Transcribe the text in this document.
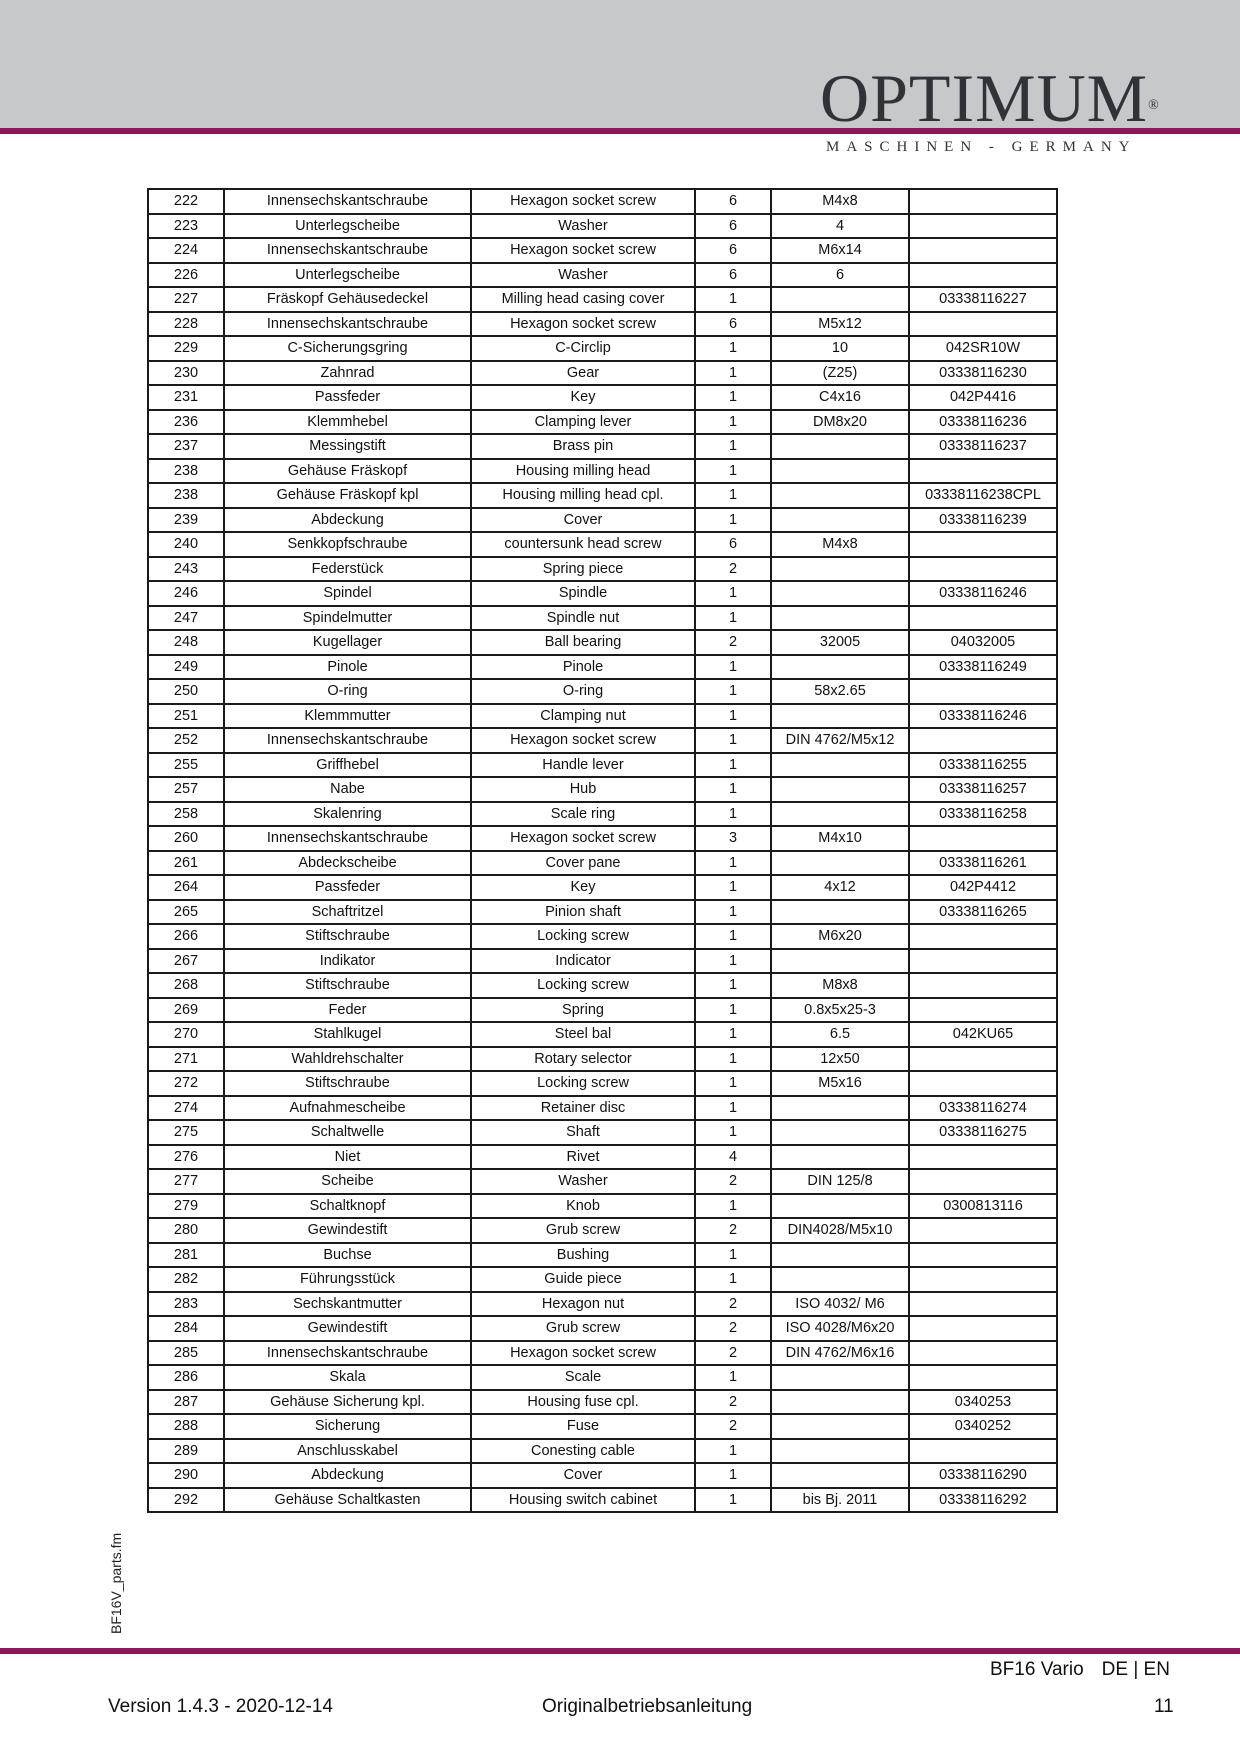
OPTIMUM®
MASCHINEN - GERMANY
222	Innensechskantschraube	Hexagon socket screw	6	M4x8	
223	Unterlegscheibe	Washer	6	4	
224	Innensechskantschraube	Hexagon socket screw	6	M6x14	
226	Unterlegscheibe	Washer	6	6	
227	Fräskopf Gehäusedeckel	Milling head casing cover	1		03338116227
228	Innensechskantschraube	Hexagon socket screw	6	M5x12	
229	C-Sicherungsgring	C-Circlip	1	10	042SR10W
230	Zahnrad	Gear	1	(Z25)	03338116230
231	Passfeder	Key	1	C4x16	042P4416
236	Klemmhebel	Clamping lever	1	DM8x20	03338116236
237	Messingstift	Brass pin	1		03338116237
238	Gehäuse Fräskopf	Housing milling head	1		
238	Gehäuse Fräskopf kpl	Housing milling head cpl.	1		03338116238CPL
239	Abdeckung	Cover	1		03338116239
240	Senkkopfschraube	countersunk head screw	6	M4x8	
243	Federstück	Spring piece	2		
246	Spindel	Spindle	1		03338116246
247	Spindelmutter	Spindle nut	1		
248	Kugellager	Ball bearing	2	32005	04032005
249	Pinole	Pinole	1		03338116249
250	O-ring	O-ring	1	58x2.65	
251	Klemmmutter	Clamping nut	1		03338116246
252	Innensechskantschraube	Hexagon socket screw	1	DIN 4762/M5x12	
255	Griffhebel	Handle lever	1		03338116255
257	Nabe	Hub	1		03338116257
258	Skalenring	Scale ring	1		03338116258
260	Innensechskantschraube	Hexagon socket screw	3	M4x10	
261	Abdeckscheibe	Cover pane	1		03338116261
264	Passfeder	Key	1	4x12	042P4412
265	Schaftritzel	Pinion shaft	1		03338116265
266	Stiftschraube	Locking screw	1	M6x20	
267	Indikator	Indicator	1		
268	Stiftschraube	Locking screw	1	M8x8	
269	Feder	Spring	1	0.8x5x25-3	
270	Stahlkugel	Steel bal	1	6.5	042KU65
271	Wahldrehschalter	Rotary selector	1	12x50	
272	Stiftschraube	Locking screw	1	M5x16	
274	Aufnahmescheibe	Retainer disc	1		03338116274
275	Schaltwelle	Shaft	1		03338116275
276	Niet	Rivet	4		
277	Scheibe	Washer	2	DIN 125/8	
279	Schaltknopf	Knob	1		0300813116
280	Gewindestift	Grub screw	2	DIN4028/M5x10	
281	Buchse	Bushing	1		
282	Führungsstück	Guide piece	1		
283	Sechskantmutter	Hexagon nut	2	ISO 4032/ M6	
284	Gewindestift	Grub screw	2	ISO 4028/M6x20	
285	Innensechskantschraube	Hexagon socket screw	2	DIN 4762/M6x16	
286	Skala	Scale	1		
287	Gehäuse Sicherung kpl.	Housing fuse cpl.	2		0340253
288	Sicherung	Fuse	2		0340252
289	Anschlusskabel	Conesting cable	1		
290	Abdeckung	Cover	1		03338116290
292	Gehäuse Schaltkasten	Housing switch cabinet	1	bis Bj. 2011	03338116292
BF16V_parts.fm
BF16 Vario DE | EN
Version 1.4.3 - 2020-12-14	Originalbetriebsanleitung	11
